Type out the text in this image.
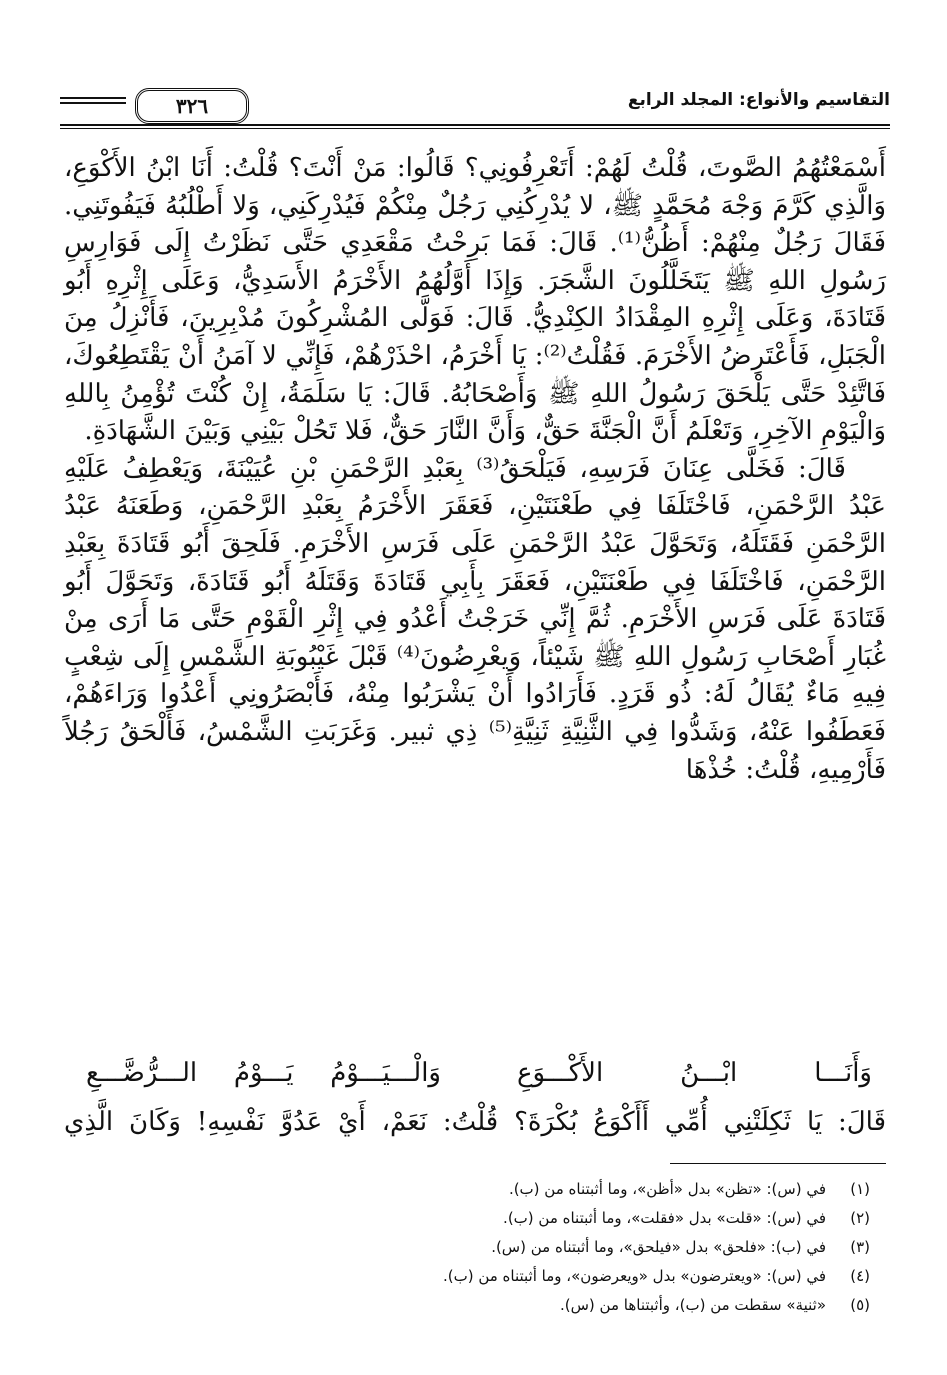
التقاسيم والأنواع: المجلد الرابع
٣٢٦

أَسْمَعْتُهُمُ الصَّوتَ، قُلْتُ لَهُمْ: أَتَعْرِفُونِي؟ قَالُوا: مَنْ أَنْتَ؟ قُلْتُ: أَنَا ابْنُ الأَكْوَعِ، وَالَّذِي كَرَّمَ وَجْهَ مُحَمَّدٍ ﷺ، لا يُدْرِكُنِي رَجُلٌ مِنْكُمْ فَيُدْرِكَنِي، وَلا أَطْلُبُهُ فَيَفُوتَنِي. فَقَالَ رَجُلٌ مِنْهُمْ: أَظُنُّ⁽¹⁾. قَالَ: فَمَا بَرِحْتُ مَقْعَدِي حَتَّى نَظَرْتُ إِلَى فَوَارِسِ رَسُولِ اللهِ ﷺ يَتَخَلَّلُونَ الشَّجَرَ. وَإِذَا أَوَّلُهُمُ الأَخْرَمُ الأَسَدِيُّ، وَعَلَى إِثْرِهِ أَبُو قَتَادَةَ، وَعَلَى إِثْرِهِ المِقْدَادُ الكِنْدِيُّ. قَالَ: فَوَلَّى المُشْرِكُونَ مُدْبِرِينَ، فَأَنْزِلُ مِنَ الْجَبَلِ، فَأَعْتَرِضُ الأَخْرَمَ. فَقُلْتُ⁽²⁾: يَا أَخْرَمُ، احْذَرْهُمْ، فَإِنِّي لا آمَنُ أَنْ يَقْتَطِعُوكَ، فَاتَّئِدْ حَتَّى يَلْحَقَ رَسُولُ اللهِ ﷺ وَأَصْحَابُهُ. قَالَ: يَا سَلَمَةُ، إِنْ كُنْتَ تُؤْمِنُ بِاللهِ وَالْيَوْمِ الآخِرِ، وَتَعْلَمُ أَنَّ الْجَنَّةَ حَقٌّ، وَأَنَّ النَّارَ حَقٌّ، فَلا تَحُلْ بَيْنِي وَبَيْنَ الشَّهَادَةِ.

قَالَ: فَخَلَّى عِنَانَ فَرَسِهِ، فَيَلْحَقُ⁽³⁾ بِعَبْدِ الرَّحْمَنِ بْنِ عُيَيْنَةَ، وَيَعْطِفُ عَلَيْهِ عَبْدُ الرَّحْمَنِ، فَاخْتَلَفَا فِي طَعْنَتَيْنِ، فَعَقَرَ الأَخْرَمُ بِعَبْدِ الرَّحْمَنِ، وَطَعَنَهُ عَبْدُ الرَّحْمَنِ فَقَتَلَهُ، وَتَحَوَّلَ عَبْدُ الرَّحْمَنِ عَلَى فَرَسِ الأَخْرَمِ. فَلَحِقَ أَبُو قَتَادَةَ بِعَبْدِ الرَّحْمَنِ، فَاخْتَلَفَا فِي طَعْنَتَيْنِ، فَعَقَرَ بِأَبِي قَتَادَةَ وَقَتَلَهُ أَبُو قَتَادَةَ، وَتَحَوَّلَ أَبُو قَتَادَةَ عَلَى فَرَسِ الأَخْرَمِ. ثُمَّ إِنِّي خَرَجْتُ أَعْدُو فِي إِثْرِ الْقَوْمِ حَتَّى مَا أَرَى مِنْ غُبَارِ أَصْحَابِ رَسُولِ اللهِ ﷺ شَيْئاً، وَيعْرِضُونَ⁽⁴⁾ قَبْلَ غَيْبُوبَةِ الشَّمْسِ إِلَى شِعْبٍ فِيهِ مَاءٌ يُقَالُ لَهُ: ذُو قَرَدٍ. فَأَرَادُوا أَنْ يَشْرَبُوا مِنْهُ، فَأَبْصَرُونِي أَعْدُوا وَرَاءَهُمْ، فَعَطَفُوا عَنْهُ، وَشَدُّوا فِي الثَّنِيَّةِ ثَنِيَّةِ⁽⁵⁾ ذِي ثبير. وَغَرَبَتِ الشَّمْسُ، فَأَلْحَقُ رَجُلاً فَأَرْمِيهِ، قُلْتُ: خُذْهَا

وَأَنَـــا ابْـــنُ الأَكْـــوَعِ
وَالْـــيَـــوْمُ يَـــوْمُ الـــرُّضَّـــعِ
قَالَ: يَا ثَكِلَتْنِي أُمِّي أَأَكْوَعُ بُكْرَةَ؟ قُلْتُ: نَعَمْ، أَيْ عَدُوَّ نَفْسِهِ! وَكَانَ الَّذِي
(١)
في (س): «تظن» بدل «أظن»، وما أثبتناه من (ب).
(٢)
في (س): «قلت» بدل «فقلت»، وما أثبتناه من (ب).
(٣)
في (ب): «فلحق» بدل «فيلحق»، وما أثبتناه من (س).
(٤)
في (س): «ويعترضون» بدل «ويعرضون»، وما أثبتناه من (ب).
(٥)
«ثنية» سقطت من (ب)، وأثبتناها من (س).
